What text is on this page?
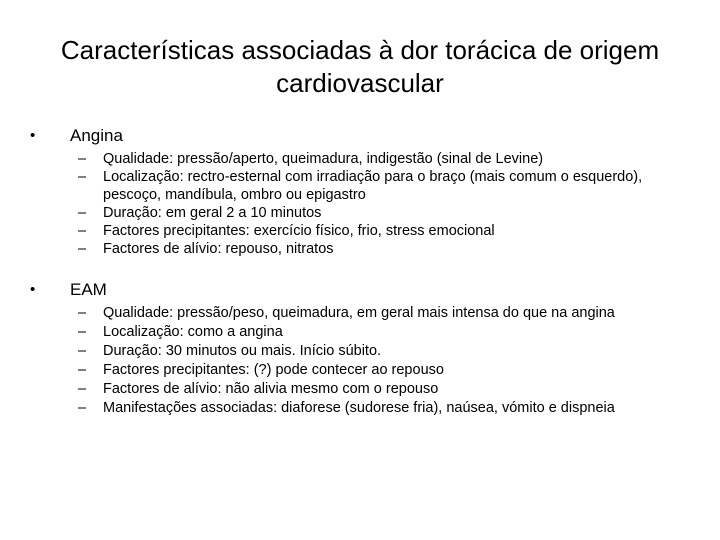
Características associadas à dor torácica de origem cardiovascular
• Angina
– Qualidade: pressão/aperto, queimadura, indigestão (sinal de Levine)
– Localização: rectro-esternal com irradiação para o braço (mais comum o esquerdo), pescoço, mandíbula, ombro ou epigastro
– Duração: em geral 2 a 10 minutos
– Factores precipitantes: exercício físico, frio, stress emocional
– Factores de alívio: repouso, nitratos
• EAM
– Qualidade: pressão/peso, queimadura, em geral mais intensa do que na angina
– Localização: como a angina
– Duração: 30 minutos ou mais. Início súbito.
– Factores precipitantes: (?) pode contecer ao repouso
– Factores de alívio: não alivia mesmo com o repouso
– Manifestações associadas: diaforese (sudorese fria), naúsea, vómito e dispneia
